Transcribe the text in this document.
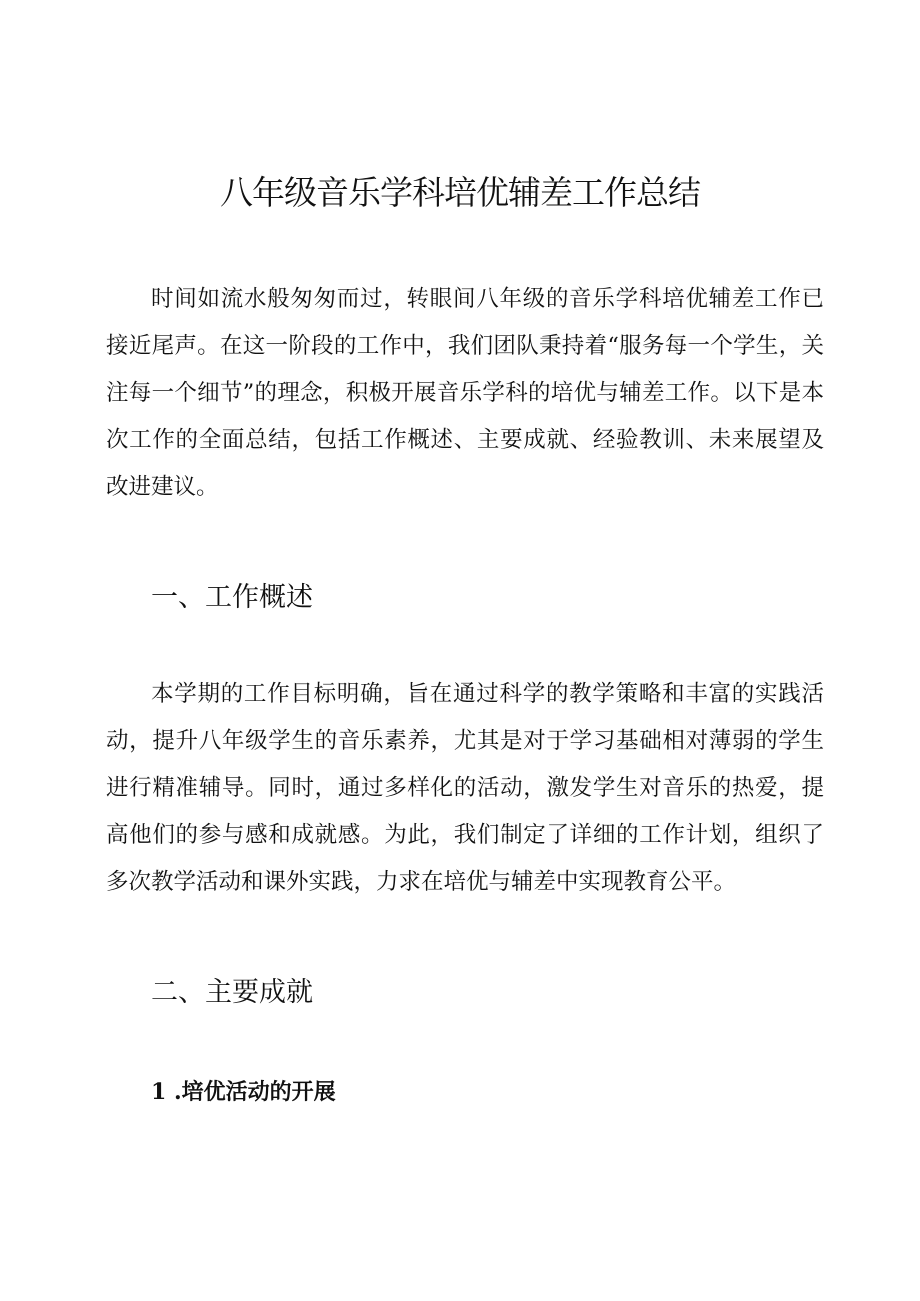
八年级音乐学科培优辅差工作总结

时间如流水般匆匆而过，转眼间八年级的音乐学科培优辅差工作已接近尾声。在这一阶段的工作中，我们团队秉持着“服务每一个学生，关注每一个细节”的理念，积极开展音乐学科的培优与辅差工作。以下是本次工作的全面总结，包括工作概述、主要成就、经验教训、未来展望及改进建议。

一、工作概述

本学期的工作目标明确，旨在通过科学的教学策略和丰富的实践活动，提升八年级学生的音乐素养，尤其是对于学习基础相对薄弱的学生进行精准辅导。同时，通过多样化的活动，激发学生对音乐的热爱，提高他们的参与感和成就感。为此，我们制定了详细的工作计划，组织了多次教学活动和课外实践，力求在培优与辅差中实现教育公平。

二、主要成就
1 .培优活动的开展
